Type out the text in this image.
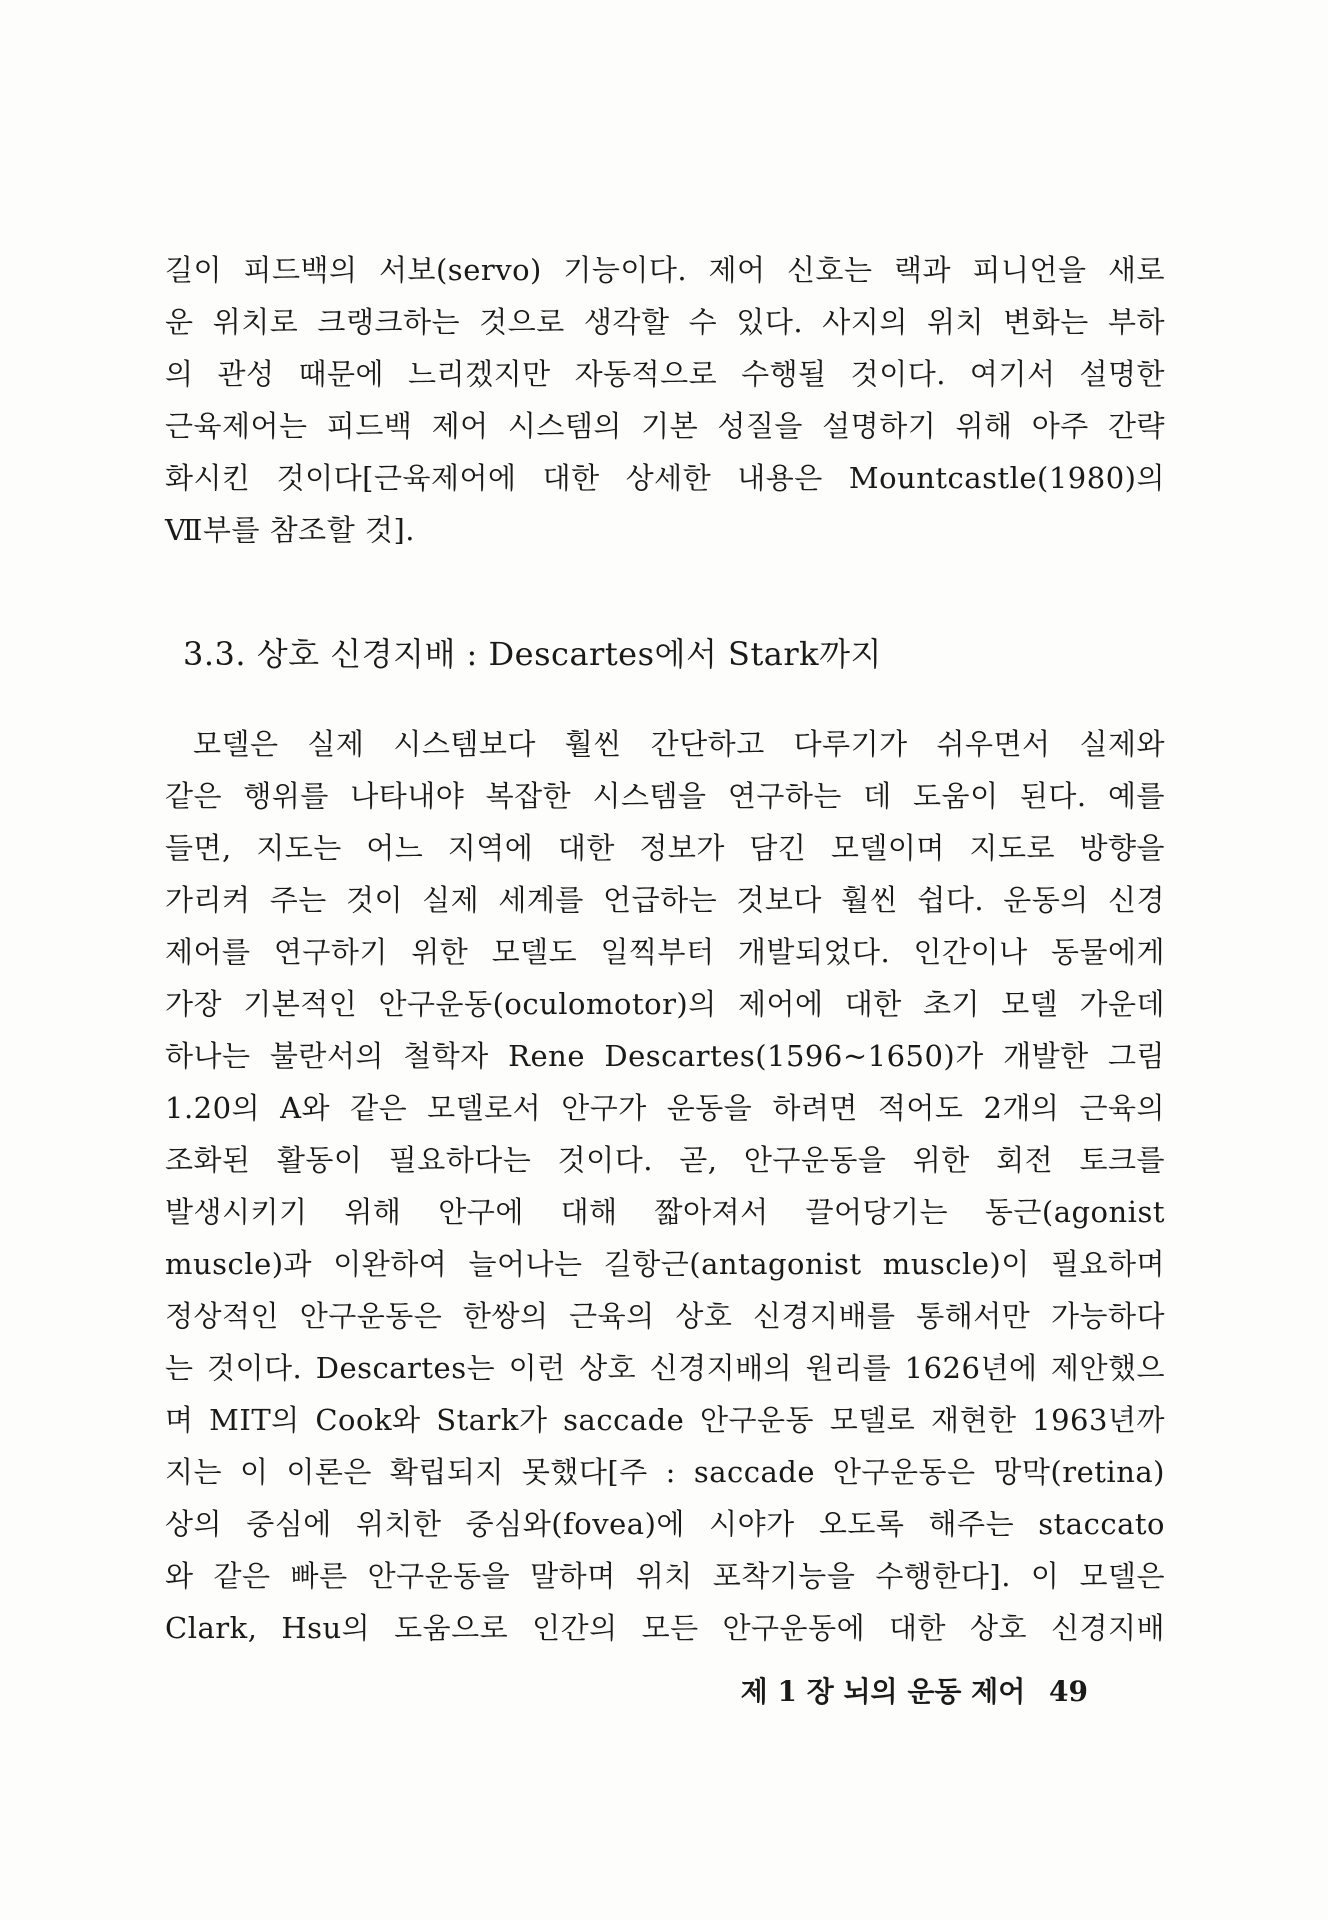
길이 피드백의 서보(servo) 기능이다. 제어 신호는 랙과 피니언을 새로
운 위치로 크랭크하는 것으로 생각할 수 있다. 사지의 위치 변화는 부하
의 관성 때문에 느리겠지만 자동적으로 수행될 것이다. 여기서 설명한
근육제어는 피드백 제어 시스템의 기본 성질을 설명하기 위해 아주 간략
화시킨 것이다[근육제어에 대한 상세한 내용은 Mountcastle(1980)의
Ⅶ부를 참조할 것].
3.3. 상호 신경지배 : Descartes에서 Stark까지
모델은 실제 시스템보다 훨씬 간단하고 다루기가 쉬우면서 실제와
같은 행위를 나타내야 복잡한 시스템을 연구하는 데 도움이 된다. 예를
들면, 지도는 어느 지역에 대한 정보가 담긴 모델이며 지도로 방향을
가리켜 주는 것이 실제 세계를 언급하는 것보다 훨씬 쉽다. 운동의 신경
제어를 연구하기 위한 모델도 일찍부터 개발되었다. 인간이나 동물에게
가장 기본적인 안구운동(oculomotor)의 제어에 대한 초기 모델 가운데
하나는 불란서의 철학자 Rene Descartes(1596~1650)가 개발한 그림
1.20의 A와 같은 모델로서 안구가 운동을 하려면 적어도 2개의 근육의
조화된 활동이 필요하다는 것이다. 곧, 안구운동을 위한 회전 토크를
발생시키기 위해 안구에 대해 짧아져서 끌어당기는 동근(agonist
muscle)과 이완하여 늘어나는 길항근(antagonist muscle)이 필요하며
정상적인 안구운동은 한쌍의 근육의 상호 신경지배를 통해서만 가능하다
는 것이다. Descartes는 이런 상호 신경지배의 원리를 1626년에 제안했으
며 MIT의 Cook와 Stark가 saccade 안구운동 모델로 재현한 1963년까
지는 이 이론은 확립되지 못했다[주 : saccade 안구운동은 망막(retina)
상의 중심에 위치한 중심와(fovea)에 시야가 오도록 해주는 staccato
와 같은 빠른 안구운동을 말하며 위치 포착기능을 수행한다]. 이 모델은
Clark, Hsu의 도움으로 인간의 모든 안구운동에 대한 상호 신경지배
제 1 장 뇌의 운동 제어 49
